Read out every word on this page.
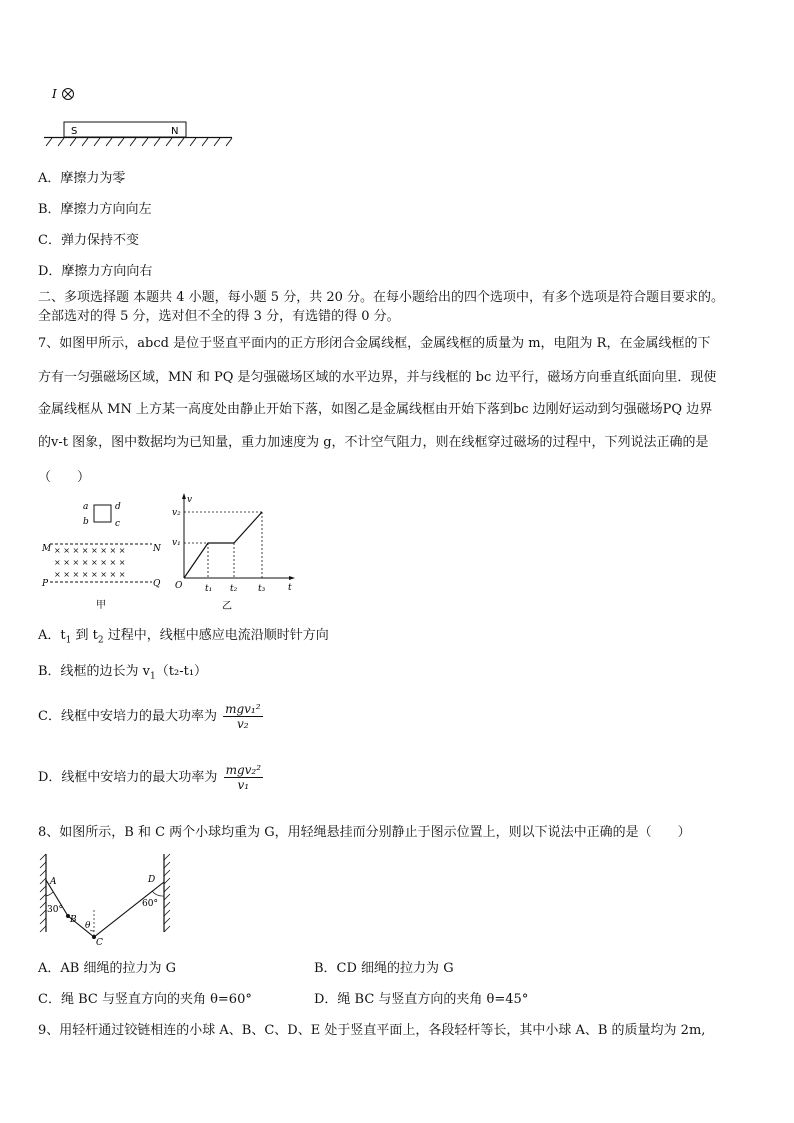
I
S	N
A．摩擦力为零
B．摩擦力方向向左
C．弹力保持不变
D．摩擦力方向向右
二、多项选择题 本题共 4 小题，每小题 5 分，共 20 分。在每小题给出的四个选项中，有多个选项是符合题目要求的。
全部选对的得 5 分，选对但不全的得 3 分，有选错的得 0 分。
7、如图甲所示，abcd 是位于竖直平面内的正方形闭合金属线框，金属线框的质量为 m，电阻为 R，在金属线框的下
方有一匀强磁场区域，MN 和 PQ 是匀强磁场区域的水平边界，并与线框的 bc 边平行，磁场方向垂直纸面向里．现使
金属线框从 MN 上方某一高度处由静止开始下落，如图乙是金属线框由开始下落到bc 边刚好运动到匀强磁场PQ 边界
的v-t 图象，图中数据均为已知量，重力加速度为 g，不计空气阻力，则在线框穿过磁场的过程中，下列说法正确的是
（　　）
a	d
b	c
M	N
× × × × × × × ×
× × × × × × × ×
× × × × × × × ×
P	Q
甲
v
t
O
v₂
v₁
t₁ t₂ t₃
乙
A．$t_1$ 到 $t_2$ 过程中，线框中感应电流沿顺时针方向
B．线框的边长为 $v_1(t_2-t_1)$
C．线框中安培力的最大功率为 $\frac{\text{mgv₁²}}{\text{v₂}}$
D．线框中安培力的最大功率为 $\frac{\text{mgv₂²}}{\text{v₁}}$
8、如图所示，B 和 C 两个小球均重为 G，用轻绳悬挂而分别静止于图示位置上，则以下说法中正确的是（　　）
A
B
C
D
30°
60°
θ
A．AB 细绳的拉力为 G	B．CD 细绳的拉力为 G
C．绳 BC 与竖直方向的夹角 θ=60°	D．绳 BC 与竖直方向的夹角 θ=45°
9、用轻杆通过铰链相连的小球 A、B、C、D、E 处于竖直平面上，各段轻杆等长，其中小球 A、B 的质量均为 2m,
